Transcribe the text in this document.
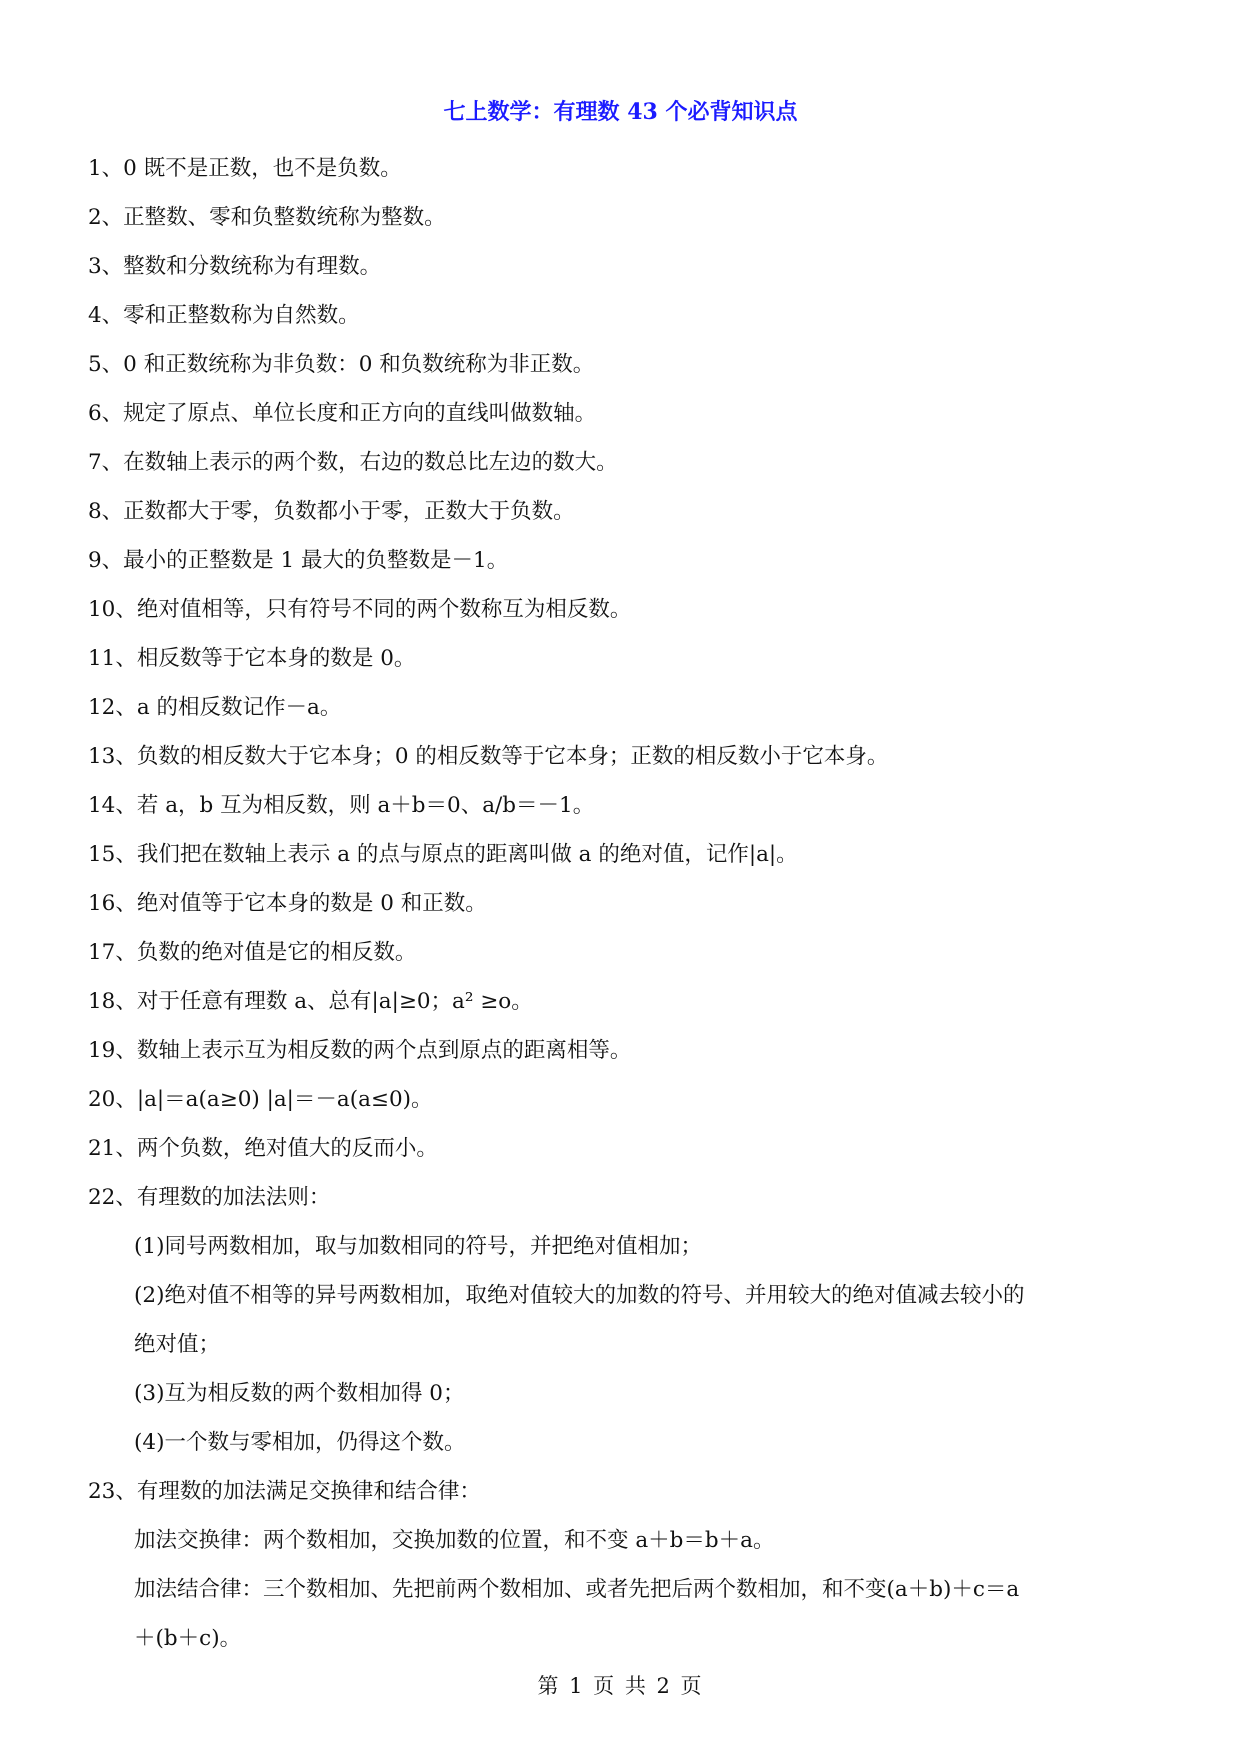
七上数学：有理数 43 个必背知识点
1、0 既不是正数，也不是负数。
2、正整数、零和负整数统称为整数。
3、整数和分数统称为有理数。
4、零和正整数称为自然数。
5、0 和正数统称为非负数：0 和负数统称为非正数。
6、规定了原点、单位长度和正方向的直线叫做数轴。
7、在数轴上表示的两个数，右边的数总比左边的数大。
8、正数都大于零，负数都小于零，正数大于负数。
9、最小的正整数是 1 最大的负整数是－1。
10、绝对值相等，只有符号不同的两个数称互为相反数。
11、相反数等于它本身的数是 0。
12、a 的相反数记作－a。
13、负数的相反数大于它本身；0 的相反数等于它本身；正数的相反数小于它本身。
14、若 a，b 互为相反数，则 a＋b＝0、a/b＝－1。
15、我们把在数轴上表示 a 的点与原点的距离叫做 a 的绝对值，记作|a|。
16、绝对值等于它本身的数是 0 和正数。
17、负数的绝对值是它的相反数。
18、对于任意有理数 a、总有|a|≥0；a² ≥o。
19、数轴上表示互为相反数的两个点到原点的距离相等。
20、|a|＝a(a≥0) |a|＝－a(a≤0)。
21、两个负数，绝对值大的反而小。
22、有理数的加法法则：
(1)同号两数相加，取与加数相同的符号，并把绝对值相加；
(2)绝对值不相等的异号两数相加，取绝对值较大的加数的符号、并用较大的绝对值减去较小的
绝对值；
(3)互为相反数的两个数相加得 0；
(4)一个数与零相加，仍得这个数。
23、有理数的加法满足交换律和结合律：
加法交换律：两个数相加，交换加数的位置，和不变 a＋b＝b＋a。
加法结合律：三个数相加、先把前两个数相加、或者先把后两个数相加，和不变(a＋b)＋c＝a
＋(b＋c)。
第 1 页 共 2 页
